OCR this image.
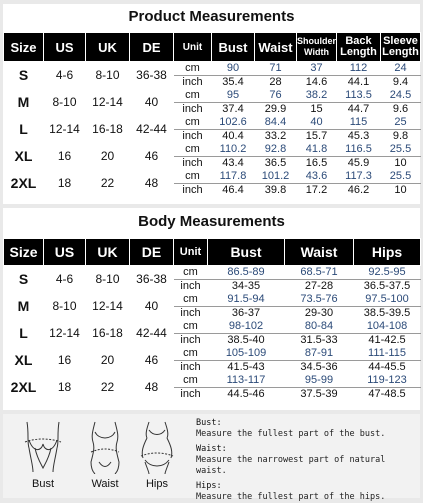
Product Measurements
Size	US	UK	DE	Unit	Bust	Waist	Shoulder Width	Back Length	Sleeve Length
S	4-6	8-10	36-38	cm	90	71	37	112	24
				inch	35.4	28	14.6	44.1	9.4
M	8-10	12-14	40	cm	95	76	38.2	113.5	24.5
				inch	37.4	29.9	15	44.7	9.6
L	12-14	16-18	42-44	cm	102.6	84.4	40	115	25
				inch	40.4	33.2	15.7	45.3	9.8
XL	16	20	46	cm	110.2	92.8	41.8	116.5	25.5
				inch	43.4	36.5	16.5	45.9	10
2XL	18	22	48	cm	117.8	101.2	43.6	117.3	25.5
				inch	46.4	39.8	17.2	46.2	10
Body Measurements
Size	US	UK	DE	Unit	Bust	Waist	Hips
S	4-6	8-10	36-38	cm	86.5-89	68.5-71	92.5-95
				inch	34-35	27-28	36.5-37.5
M	8-10	12-14	40	cm	91.5-94	73.5-76	97.5-100
				inch	36-37	29-30	38.5-39.5
L	12-14	16-18	42-44	cm	98-102	80-84	104-108
				inch	38.5-40	31.5-33	41-42.5
XL	16	20	46	cm	105-109	87-91	111-115
				inch	41.5-43	34.5-36	44-45.5
2XL	18	22	48	cm	113-117	95-99	119-123
				inch	44.5-46	37.5-39	47-48.5
Bust	Waist	Hips
Bust:
Measure the fullest part of the bust.
Waist:
Measure the narrowest part of natural waist.
Hips:
Measure the fullest part of the hips.
